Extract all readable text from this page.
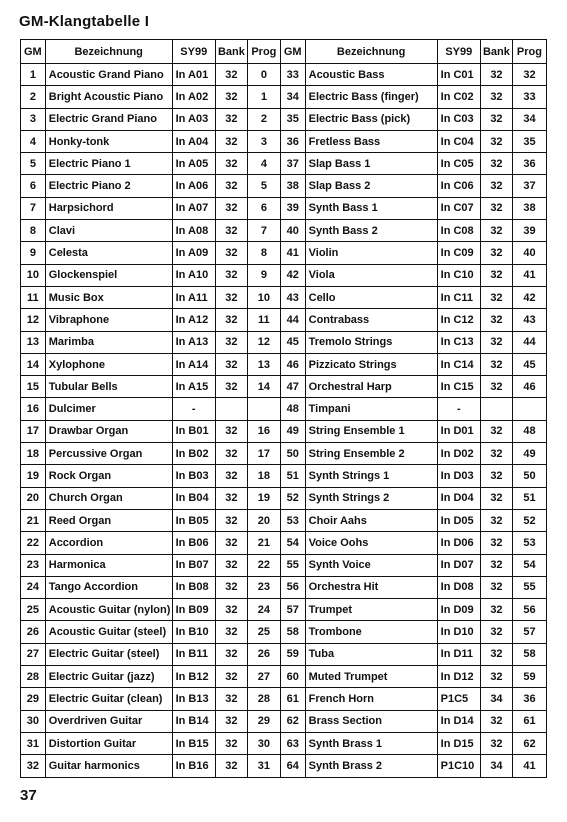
GM-Klangtabelle I
GM	Bezeichnung	SY99	Bank	Prog	GM	Bezeichnung	SY99	Bank	Prog
1	Acoustic Grand Piano	In A01	32	0	33	Acoustic Bass	In C01	32	32
2	Bright Acoustic Piano	In A02	32	1	34	Electric Bass (finger)	In C02	32	33
3	Electric Grand Piano	In A03	32	2	35	Electric Bass (pick)	In C03	32	34
4	Honky-tonk	In A04	32	3	36	Fretless Bass	In C04	32	35
5	Electric Piano 1	In A05	32	4	37	Slap Bass 1	In C05	32	36
6	Electric Piano 2	In A06	32	5	38	Slap Bass 2	In C06	32	37
7	Harpsichord	In A07	32	6	39	Synth Bass 1	In C07	32	38
8	Clavi	In A08	32	7	40	Synth Bass 2	In C08	32	39
9	Celesta	In A09	32	8	41	Violin	In C09	32	40
10	Glockenspiel	In A10	32	9	42	Viola	In C10	32	41
11	Music Box	In A11	32	10	43	Cello	In C11	32	42
12	Vibraphone	In A12	32	11	44	Contrabass	In C12	32	43
13	Marimba	In A13	32	12	45	Tremolo Strings	In C13	32	44
14	Xylophone	In A14	32	13	46	Pizzicato Strings	In C14	32	45
15	Tubular Bells	In A15	32	14	47	Orchestral Harp	In C15	32	46
16	Dulcimer	-			48	Timpani	-		
17	Drawbar Organ	In B01	32	16	49	String Ensemble 1	In D01	32	48
18	Percussive Organ	In B02	32	17	50	String Ensemble 2	In D02	32	49
19	Rock Organ	In B03	32	18	51	Synth Strings 1	In D03	32	50
20	Church Organ	In B04	32	19	52	Synth Strings 2	In D04	32	51
21	Reed Organ	In B05	32	20	53	Choir Aahs	In D05	32	52
22	Accordion	In B06	32	21	54	Voice Oohs	In D06	32	53
23	Harmonica	In B07	32	22	55	Synth Voice	In D07	32	54
24	Tango Accordion	In B08	32	23	56	Orchestra Hit	In D08	32	55
25	Acoustic Guitar (nylon)	In B09	32	24	57	Trumpet	In D09	32	56
26	Acoustic Guitar (steel)	In B10	32	25	58	Trombone	In D10	32	57
27	Electric Guitar (steel)	In B11	32	26	59	Tuba	In D11	32	58
28	Electric Guitar (jazz)	In B12	32	27	60	Muted Trumpet	In D12	32	59
29	Electric Guitar (clean)	In B13	32	28	61	French Horn	P1C5	34	36
30	Overdriven Guitar	In B14	32	29	62	Brass Section	In D14	32	61
31	Distortion Guitar	In B15	32	30	63	Synth Brass 1	In D15	32	62
32	Guitar harmonics	In B16	32	31	64	Synth Brass 2	P1C10	34	41
37
